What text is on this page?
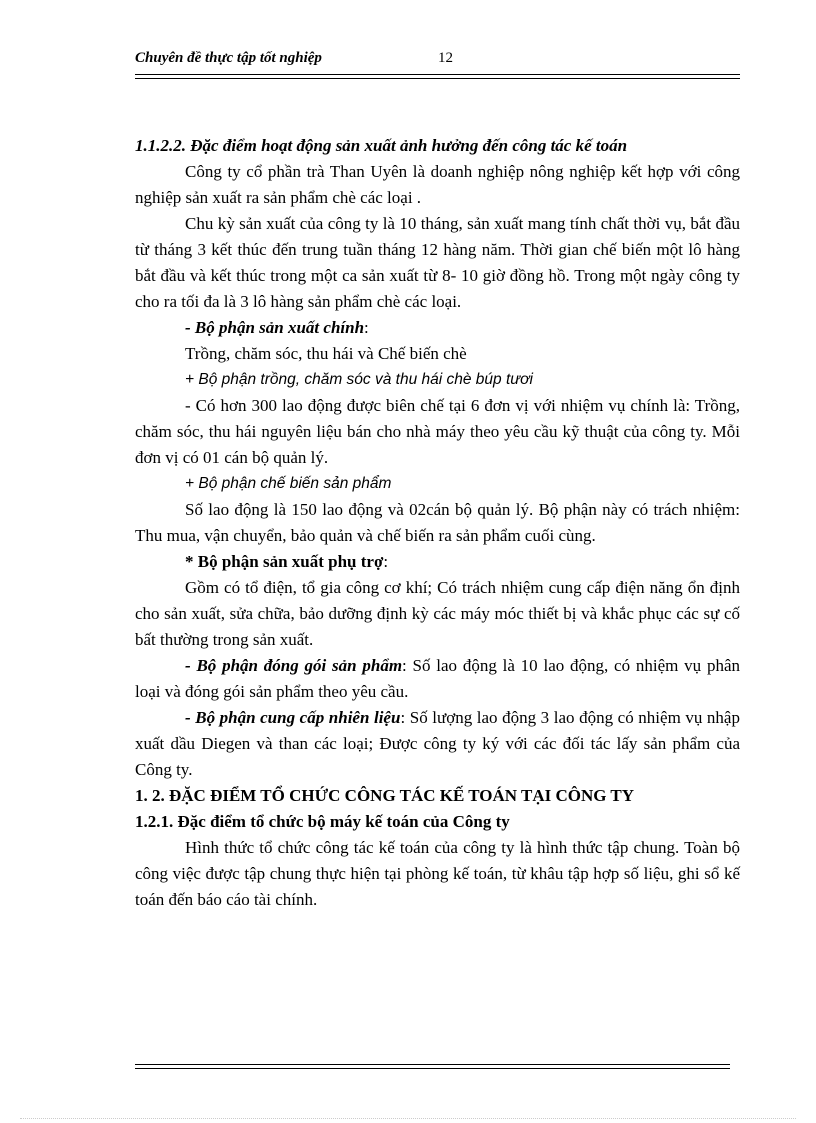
Chuyên đề thực tập tốt nghiệp	12

1.1.2.2. Đặc điểm hoạt động sản xuất ảnh hưởng đến công tác kế toán

Công ty cổ phần trà Than Uyên là doanh nghiệp nông nghiệp kết hợp với công nghiệp sản xuất ra sản phẩm chè các loại .

Chu kỳ sản xuất của công ty là 10 tháng, sản xuất mang tính chất thời vụ, bắt đầu từ tháng 3 kết thúc đến trung tuần tháng 12 hàng năm. Thời gian chế biến một lô hàng bắt đầu và kết thúc trong một ca sản xuất từ 8- 10 giờ đồng hồ. Trong một ngày công ty cho ra tối đa là 3 lô hàng sản phẩm chè các loại.

- Bộ phận sản xuất chính:

Trồng, chăm sóc, thu hái và Chế biến chè

+ Bộ phận trồng, chăm sóc và thu hái chè búp tươi

- Có hơn 300 lao động được biên chế tại 6 đơn vị với nhiệm vụ chính là: Trồng, chăm sóc, thu hái nguyên liệu bán cho nhà máy theo yêu cầu kỹ thuật của công ty. Mỗi đơn vị có 01 cán bộ quản lý.

+ Bộ phận chế biến sản phẩm

Số lao động là 150 lao động và 02cán bộ quản lý. Bộ phận này có trách nhiệm: Thu mua, vận chuyển, bảo quản và chế biến ra sản phẩm cuối cùng.

* Bộ phận sản xuất phụ trợ:

Gồm có tổ điện, tổ gia công cơ khí; Có trách nhiệm cung cấp điện năng ổn định cho sản xuất, sửa chữa, bảo dưỡng định kỳ các máy móc thiết bị và khắc phục các sự cố bất thường trong sản xuất.

- Bộ phận đóng gói sản phẩm: Số lao động là 10 lao động, có nhiệm vụ phân loại và đóng gói sản phẩm theo yêu cầu.

- Bộ phận cung cấp nhiên liệu: Số lượng lao động 3 lao động có nhiệm vụ nhập xuất dầu Diegen và than các loại; Được công ty ký với các đối tác lấy sản phẩm của Công ty.

1. 2. ĐẶC ĐIỂM TỔ CHỨC CÔNG TÁC KẾ TOÁN TẠI CÔNG TY

1.2.1. Đặc điểm tổ chức bộ máy kế toán của Công ty

Hình thức tổ chức công tác kế toán của công ty là hình thức tập chung. Toàn bộ công việc được tập chung thực hiện tại phòng kế toán, từ khâu tập hợp số liệu, ghi sổ kế toán đến báo cáo tài chính.
